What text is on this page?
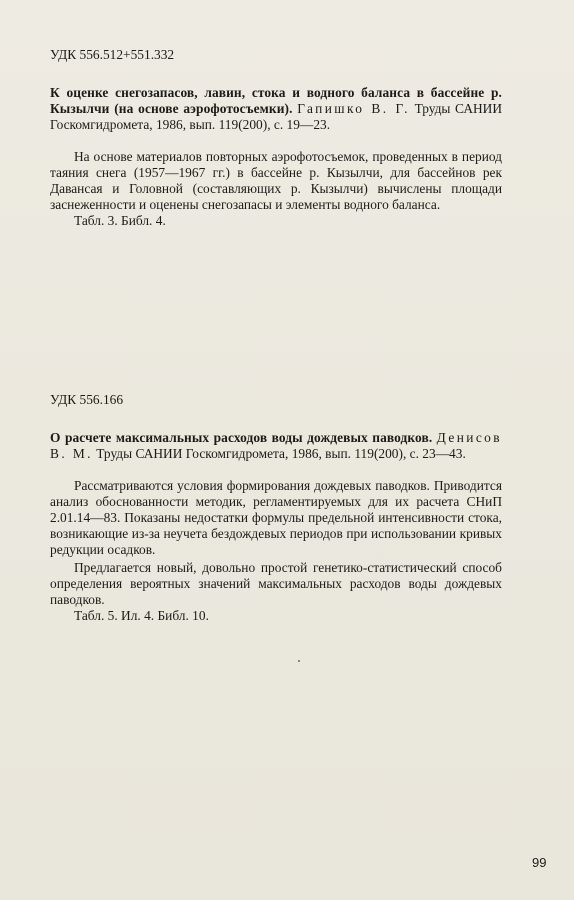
УДК 556.512+551.332

К оценке снегозапасов, лавин, стока и водного баланса в бассейне р. Кызылчи (на основе аэрофотосъемки). Гапишко В. Г. Труды САНИИ Госкомгидромета, 1986, вып. 119(200), с. 19—23.

На основе материалов повторных аэрофотосъемок, проведенных в период таяния снега (1957—1967 гг.) в бассейне р. Кызылчи, для бассейнов рек Давансая и Головной (составляющих р. Кызылчи) вычислены площади заснеженности и оценены снегозапасы и элементы водного баланса.

Табл. 3. Библ. 4.

УДК 556.166

О расчете максимальных расходов воды дождевых паводков. Денисов В. М. Труды САНИИ Госкомгидромета, 1986, вып. 119(200), с. 23—43.

Рассматриваются условия формирования дождевых паводков. Приводится анализ обоснованности методик, регламентируемых для их расчета СНиП 2.01.14—83. Показаны недостатки формулы предельной интенсивности стока, возникающие из-за неучета бездождевых периодов при использовании кривых редукции осадков.

Предлагается новый, довольно простой генетико-статистический способ определения вероятных значений максимальных расходов воды дождевых паводков.

Табл. 5. Ил. 4. Библ. 10.

99
